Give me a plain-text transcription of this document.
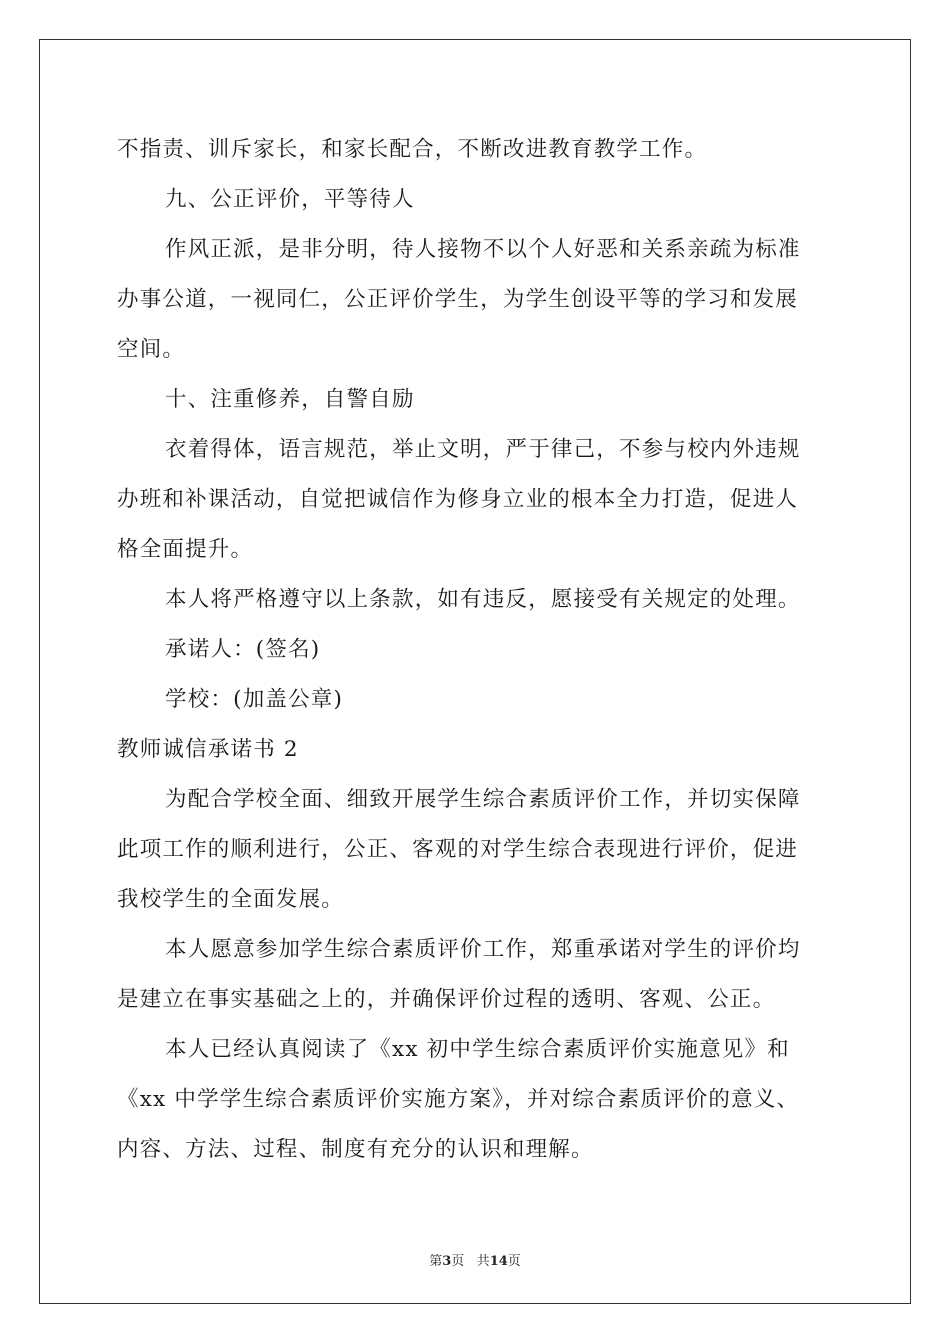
不指责、训斥家长，和家长配合，不断改进教育教学工作。
九、公正评价，平等待人
作风正派，是非分明，待人接物不以个人好恶和关系亲疏为标准
办事公道，一视同仁，公正评价学生，为学生创设平等的学习和发展
空间。
十、注重修养，自警自励
衣着得体，语言规范，举止文明，严于律己，不参与校内外违规
办班和补课活动，自觉把诚信作为修身立业的根本全力打造，促进人
格全面提升。
本人将严格遵守以上条款，如有违反，愿接受有关规定的处理。
承诺人：(签名)
学校：(加盖公章)
教师诚信承诺书 2
为配合学校全面、细致开展学生综合素质评价工作，并切实保障
此项工作的顺利进行，公正、客观的对学生综合表现进行评价，促进
我校学生的全面发展。
本人愿意参加学生综合素质评价工作，郑重承诺对学生的评价均
是建立在事实基础之上的，并确保评价过程的透明、客观、公正。
本人已经认真阅读了《xx 初中学生综合素质评价实施意见》和
《xx 中学学生综合素质评价实施方案》，并对综合素质评价的意义、
内容、方法、过程、制度有充分的认识和理解。
第3页 共14页
